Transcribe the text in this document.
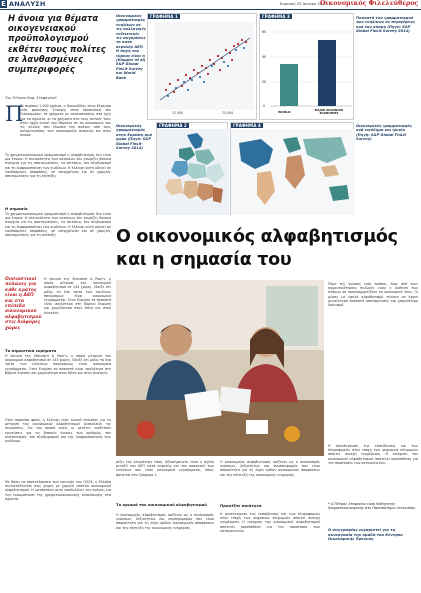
Ε ΑΝΑΛΥΣΗ	Κυριακή 25 Ιουνίου 2023
Οικονομικός Φιλελεύθερος
Η άνοια για θέματα οικογενειακού προϋπολογισμού εκθέτει τους πολίτες σε λανθασμένες συμπεριφορές
Του Πέτρου Καρ. Στεφανίου*
Π
Σε περίπου 2.000 χρόνια, ο Θουκυδίδης στην Κέρκυρα ενός φρόνησης Σύνοψης στον προσωπικό του Οικονομικόν: τα χρήματα με ακαταστασίας στα ίχνη για τα σχολεία, κι τα χρήματα στο τους αυτούς τους στην αρχή αυτού του θέματος σε τα οικονομικά του τις άλλους που έδωσαν την ανάγκη από τους αντιμετώπισης των οικονομικών αναγκών και στην αγορά.
Το χρηματοοικονομικό γραμματισμό ή αλφαβητισμός δεν είναι μια έννοια. Η πλειονότητα των κατοίκων δεν γνωρίζει βασικά στοιχεία για τις αποταμιεύσεις, τα επιτόκια, τον πληθωρισμό και τη διαφοροποίηση των κινδύνων. Η έλλειψη αυτή οδηγεί σε λανθασμένες αποφάσεις, σε υπερχρέωση και σε χαμηλές αποταμιεύσεις για τη σύνταξη.
Η σημασία
Το χρηματοοικονομικό γραμματισμό ή αλφαβητισμός δεν είναι μια έννοια. Η πλειονότητα των κατοίκων δεν γνωρίζει βασικά στοιχεία για τις αποταμιεύσεις, τα επιτόκια, τον πληθωρισμό και τη διαφοροποίηση των κινδύνων. Η έλλειψη αυτή οδηγεί σε λανθασμένες αποφάσεις, σε υπερχρέωση και σε χαμηλές αποταμιεύσεις για τη σύνταξη.
Ουσιαστικοί πυλώνες για κάθε κράτος είναι η ΑΕΠ και στα επίπεδα οικονομικού αλφαβητισμού στις διάφορες χώρες
Η έρευνα της Standard & Poor's, η οποία μέτρησε τον οικονομικό αλφαβητισμό σε 144 χώρες, έδειξε ότι μόλις το ένα τρίτο των ενηλίκων παγκοσμίως είναι οικονομικά εγγράμματοι. Στην Ευρώπη τα ποσοστά είναι υψηλότερα στη Βόρεια Ευρώπη και χαμηλότερα στον Νότο και στην Ανατολή.
Τα σημαντικά ευρήματα
Η έρευνα της Standard & Poor's, η οποία μέτρησε τον οικονομικό αλφαβητισμό σε 144 χώρες, έδειξε ότι μόλις το ένα τρίτο των ενηλίκων παγκοσμίως είναι οικονομικά εγγράμματοι. Στην Ευρώπη τα ποσοστά είναι υψηλότερα στη Βόρεια Ευρώπη και χαμηλότερα στον Νότο και στην Ανατολή.
Οικονομικός γραμματισμός ενηλίκων σε τις συλλογικές ενδεικτικές τις συγκρίσεις το κατά κεφαλήν ΑΕΠ. Η πηγή του εύρους είναι η (Klapper et al) S&P Global FinLit Survey και World Bank
ΓΡΑΦΗΜΑ 1
12,500	75,000
ΓΡΑΦΗΜΑ 3
60
40
20
0
WORLD	MAJOR ADVANCED ECONOMIES
Ποσοστό του γραμματισμού των ενηλίκων σε περιφέρειες ανά τον κόσμο (Πηγή: S&P Global FinLit Survey 2014)
Οικονομικός γραμματισμός στην Ευρώπη ανά χώρα (Πηγή: S&P Global FinLit Survey 2014)
ΓΡΑΦΗΜΑ 2	ΓΡΑΦΗΜΑ 4	Οικονομικός γραμματισμός ανά εισόδημα και ηλικία (Πηγή: S&P Global FinLit Survey)
Ο οικονομικός αλφαβητισμός και η σημασία του
Στην παρούσα φάση, η έλλειψη ενός κοινού πλαισίου για τη μέτρηση του οικονομικού αλφαβητισμού δυσκολεύει τις συγκρίσεις. Για τον σκοπό αυτό, οι μελέτες υιοθετούν ερωτήσεις για τις βασικές έννοιες των αριθμών, του ανατοκισμού, του πληθωρισμού και της διαφοροποίησης των κινδύνων.
Με βάση τα αποτελέσματα των ερευνών του ΟΟΣΑ, η Ελλάδα συγκαταλέγεται στις χώρες με χαμηλό επίπεδο οικονομικού αλφαβητισμού. Η κατάσταση αυτή υποδηλώνει την ανάγκη για την ενσωμάτωση της χρηματοοικονομικής εκπαίδευσης στα σχολεία.
ρίζει την γενικότερη τάση. Αξιοσημείωτη είναι η σχέση μεταξύ του ΑΕΠ κατά κεφαλήν και του ποσοστού των ενηλίκων που είναι οικονομικά εγγράμματοι, όπως φαίνεται στο Γράφημα 1.
Το ορισμό του οικονομικού αλφαβητισμού
Ο οικονομικός αλφαβητισμός ορίζεται ως ο συνδυασμός γνώσεων, δεξιοτήτων και συμπεριφορών που είναι απαραίτητα για τη λήψη ορθών οικονομικών αποφάσεων και την επίτευξη της οικονομικής ευημερίας.
Ο οικονομικός αλφαβητισμός ορίζεται ως ο συνδυασμός γνώσεων, δεξιοτήτων και συμπεριφορών που είναι απαραίτητα για τη λήψη ορθών οικονομικών αποφάσεων και την επίτευξη της οικονομικής ευημερίας.
Προσέξτε ποιότητα
Η συγκέντρωση της εκπαίδευσης και των πληροφοριών στην εποχή των ψηφιακών πληρωμών απαιτεί συνεχή ενημέρωση. Η ενίσχυση του οικονομικού αλφαβητισμού αποτελεί προϋπόθεση για την προστασία των καταναλωτών.
Πέρα της γνώσης ενός τρόπου, ένας από τους σημαντικότερους πυλώνες είναι η διάθεση των ατόμων να προγραμματίζουν τα οικονομικά τους. Οι χώρες με υψηλό αλφαβητισμό τείνουν να έχουν μεγαλύτερα ποσοστά αποταμίευσης και χαμηλότερο δανεισμό.
Η συγκέντρωση της εκπαίδευσης και των πληροφοριών στην εποχή των ψηφιακών πληρωμών απαιτεί συνεχή ενημέρωση. Η ενίσχυση του οικονομικού αλφαβητισμού αποτελεί προϋπόθεση για την προστασία των καταναλωτών.
* Ο Πέτρος Στεφανίου είναι Καθηγητής Χρηματοοικονομικής στο Πανεπιστήμιο Λευκωσίας.
Ο συγγραφέας ευχαριστεί για τη συνεργασία την ομάδα του Κέντρου Οικονομικής Έρευνας.
